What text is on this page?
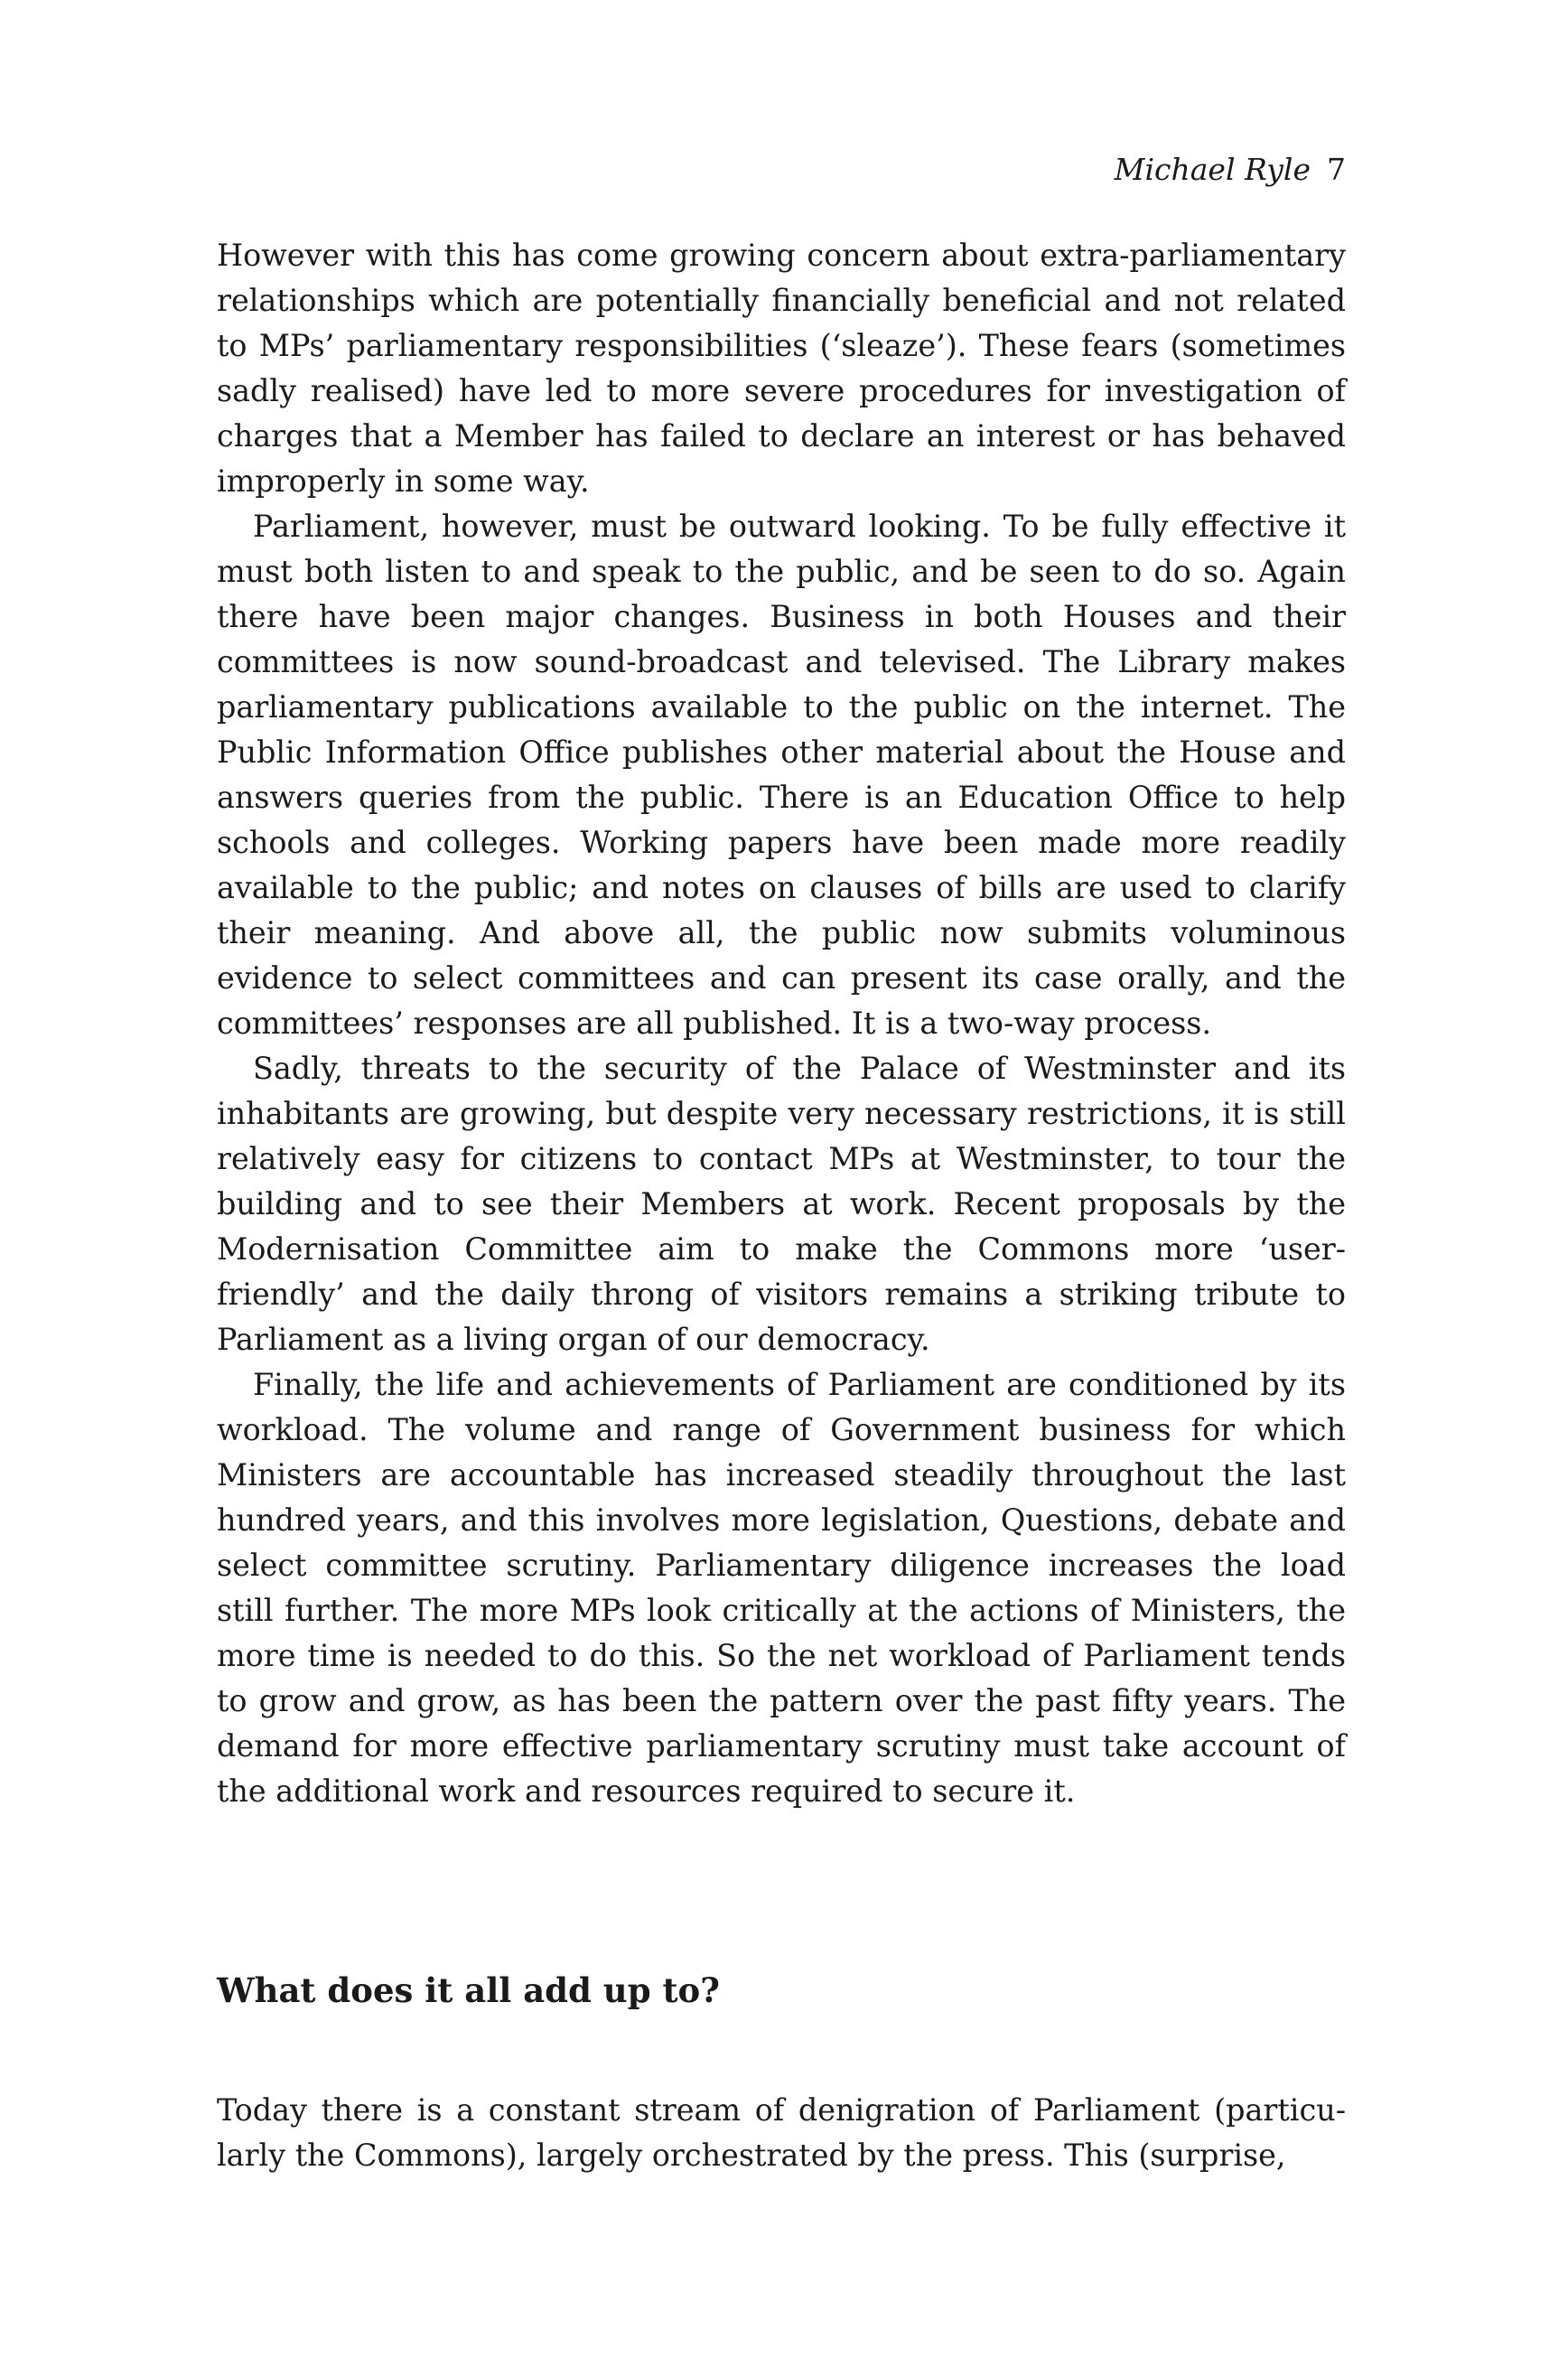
Michael Ryle 7

However with this has come growing concern about extra-parliamentary relationships which are potentially financially beneficial and not related to MPs’ parliamentary responsibilities (‘sleaze’). These fears (sometimes sadly realised) have led to more severe procedures for investigation of charges that a Member has failed to declare an interest or has behaved improperly in some way.

Parliament, however, must be outward looking. To be fully effective it must both listen to and speak to the public, and be seen to do so. Again there have been major changes. Business in both Houses and their committees is now sound-broadcast and televised. The Library makes parliamentary publications available to the public on the internet. The Public Information Office publishes other material about the House and answers queries from the public. There is an Education Office to help schools and colleges. Working papers have been made more readily available to the public; and notes on clauses of bills are used to clarify their meaning. And above all, the public now submits voluminous evidence to select committees and can present its case orally, and the committees’ responses are all published. It is a two-way process.

Sadly, threats to the security of the Palace of Westminster and its inhabitants are growing, but despite very necessary restrictions, it is still relatively easy for citizens to contact MPs at Westminster, to tour the building and to see their Members at work. Recent proposals by the Modernisation Committee aim to make the Commons more ‘user-friendly’ and the daily throng of visitors remains a striking tribute to Parliament as a living organ of our democracy.

Finally, the life and achievements of Parliament are conditioned by its workload. The volume and range of Government business for which Ministers are accountable has increased steadily throughout the last hundred years, and this involves more legislation, Questions, debate and select committee scrutiny. Parliamentary diligence increases the load still further. The more MPs look critically at the actions of Ministers, the more time is needed to do this. So the net workload of Parliament tends to grow and grow, as has been the pattern over the past fifty years. The demand for more effective parliamentary scrutiny must take account of the additional work and resources required to secure it.

What does it all add up to?

Today there is a constant stream of denigration of Parliament (particularly the Commons), largely orchestrated by the press. This (surprise,
